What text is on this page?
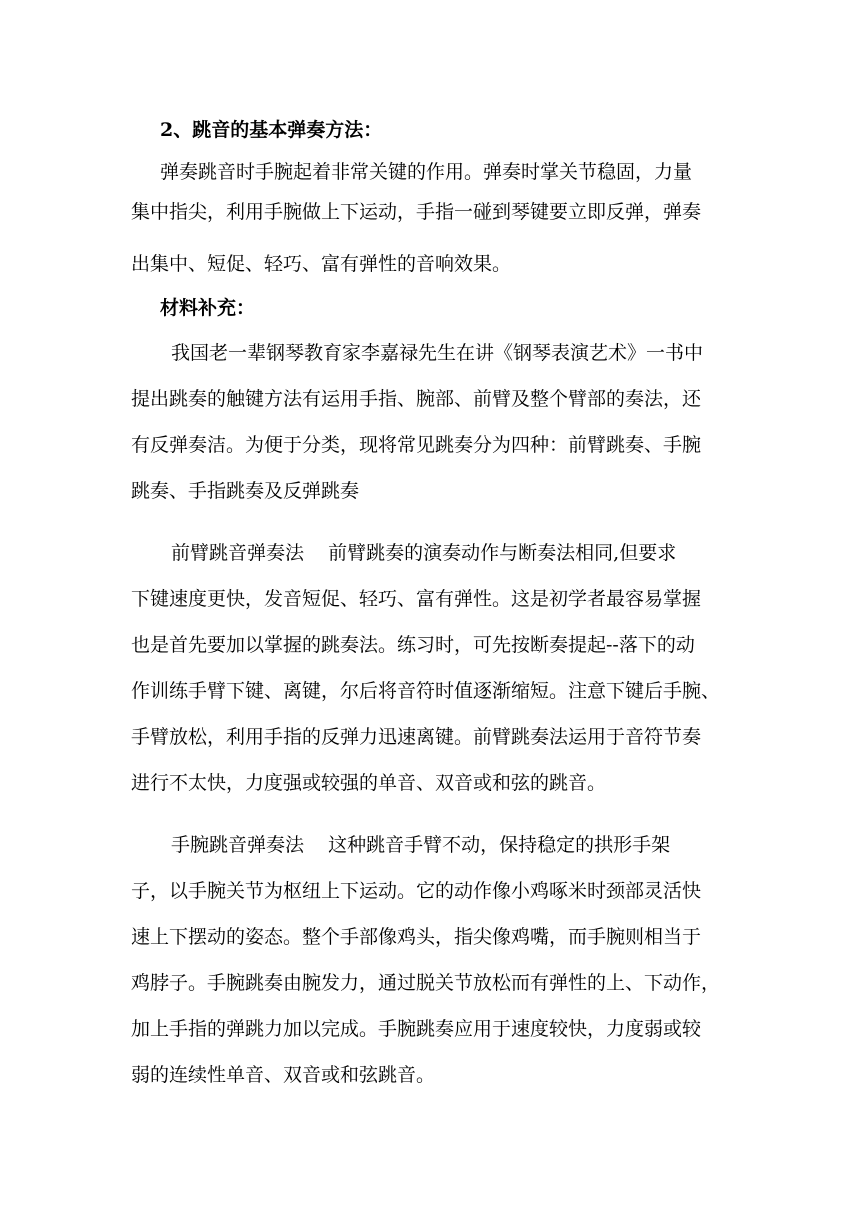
2、跳音的基本弹奏方法：
弹奏跳音时手腕起着非常关键的作用。弹奏时掌关节稳固，力量
集中指尖，利用手腕做上下运动，手指一碰到琴键要立即反弹，弹奏
出集中、短促、轻巧、富有弹性的音响效果。
材料补充：
我国老一辈钢琴教育家李嘉禄先生在讲《钢琴表演艺术》一书中
提出跳奏的触键方法有运用手指、腕部、前臂及整个臂部的奏法，还
有反弹奏洁。为便于分类，现将常见跳奏分为四种：前臂跳奏、手腕
跳奏、手指跳奏及反弹跳奏
前臂跳音弹奏法    前臂跳奏的演奏动作与断奏法相同,但要求
下键速度更快，发音短促、轻巧、富有弹性。这是初学者最容易掌握
也是首先要加以掌握的跳奏法。练习时，可先按断奏提起--落下的动
作训练手臂下键、离键，尔后将音符时值逐渐缩短。注意下键后手腕、
手臂放松，利用手指的反弹力迅速离键。前臂跳奏法运用于音符节奏
进行不太快，力度强或较强的单音、双音或和弦的跳音。
手腕跳音弹奏法    这种跳音手臂不动，保持稳定的拱形手架
子，以手腕关节为枢纽上下运动。它的动作像小鸡啄米时颈部灵活快
速上下摆动的姿态。整个手部像鸡头，指尖像鸡嘴，而手腕则相当于
鸡脖子。手腕跳奏由腕发力，通过脱关节放松而有弹性的上、下动作，
加上手指的弹跳力加以完成。手腕跳奏应用于速度较快，力度弱或较
弱的连续性单音、双音或和弦跳音。
